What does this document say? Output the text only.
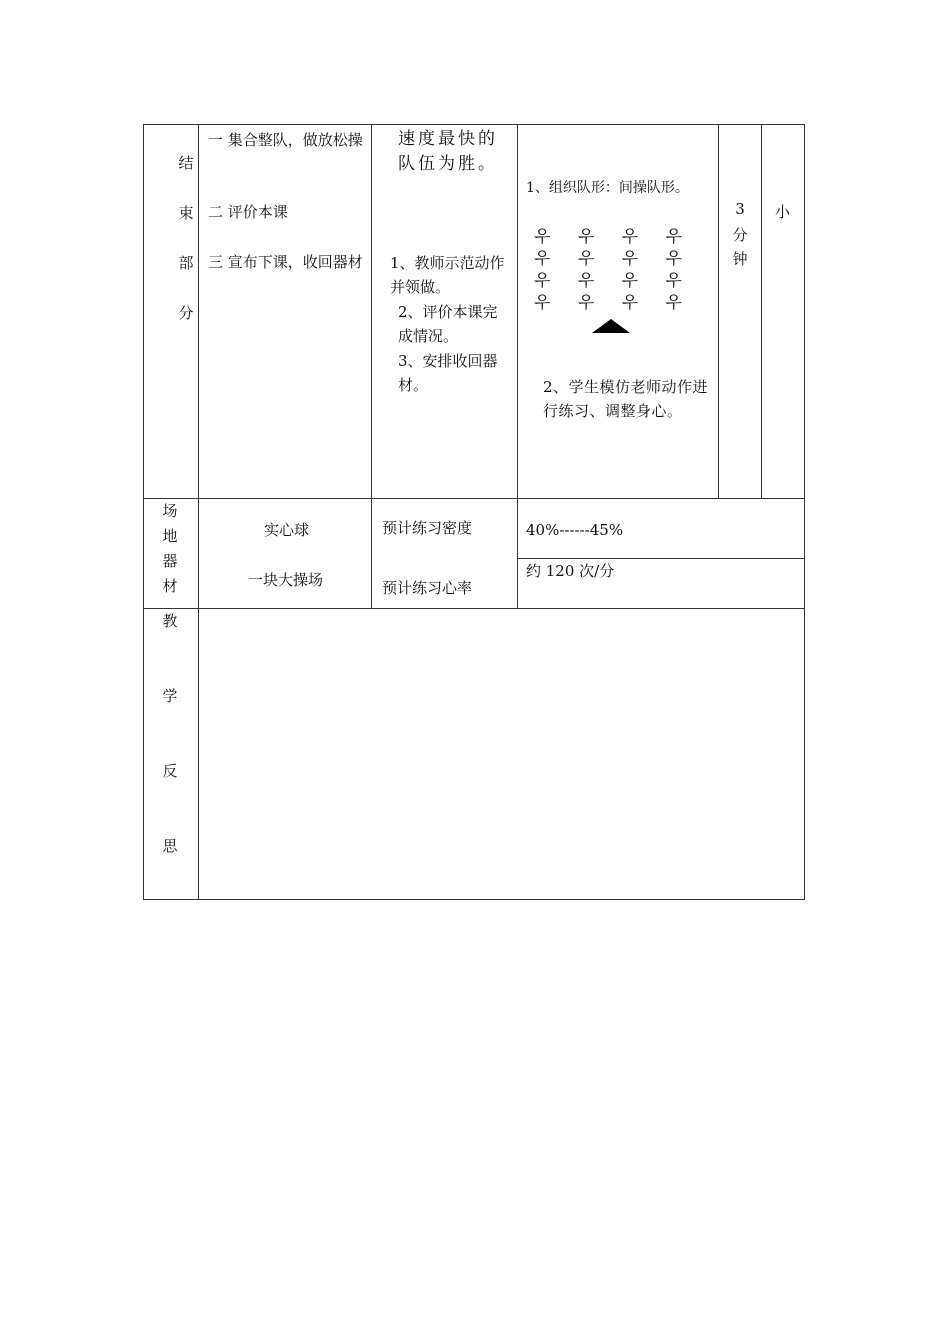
结
束
部
分
一 集合整队，做放松操
二 评价本课
三 宣布下课，收回器材
速度最快的队伍为胜。
1、教师示范动作并领做。
2、评价本课完成情况。
3、安排收回器材。
1、组织队形：间操队形。
우 우 우 우
우 우 우 우
우 우 우 우
우 우 우 우
2、学生模仿老师动作进行练习、调整身心。
3
分
钟
小
场
地
器
材
实心球
一块大操场
预计练习密度	40%------45%
预计练习心率
约 120 次/分
教
学
反
思
